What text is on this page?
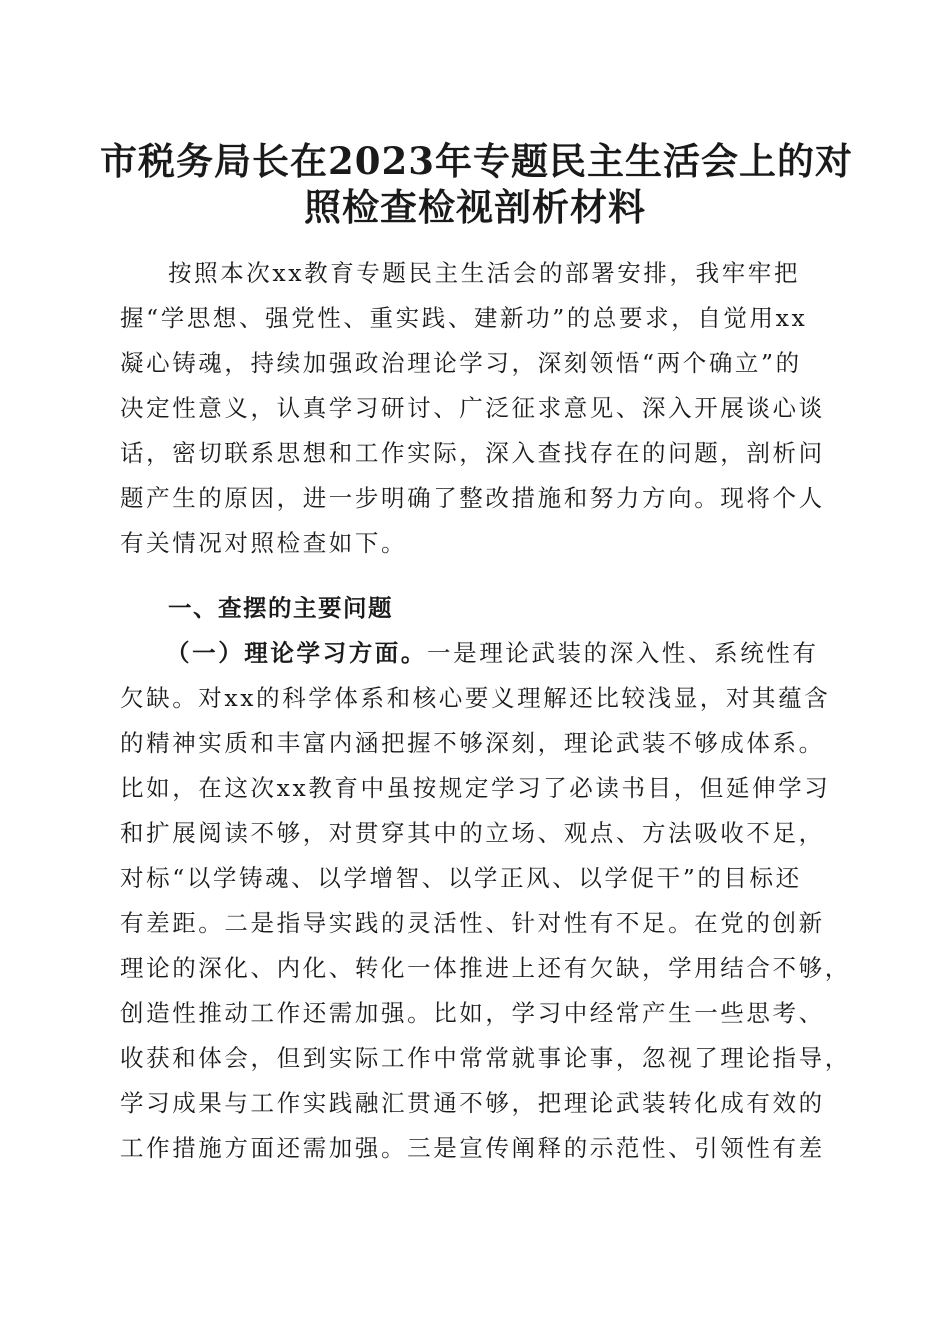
市税务局长在2023年专题民主生活会上的对
照检查检视剖析材料
按照本次xx教育专题民主生活会的部署安排，我牢牢把
握“学思想、强党性、重实践、建新功”的总要求，自觉用xx
凝心铸魂，持续加强政治理论学习，深刻领悟“两个确立”的
决定性意义，认真学习研讨、广泛征求意见、深入开展谈心谈
话，密切联系思想和工作实际，深入查找存在的问题，剖析问
题产生的原因，进一步明确了整改措施和努力方向。现将个人
有关情况对照检查如下。
一、查摆的主要问题
（一）理论学习方面。一是理论武装的深入性、系统性有
欠缺。对xx的科学体系和核心要义理解还比较浅显，对其蕴含
的精神实质和丰富内涵把握不够深刻，理论武装不够成体系。
比如，在这次xx教育中虽按规定学习了必读书目，但延伸学习
和扩展阅读不够，对贯穿其中的立场、观点、方法吸收不足，
对标“以学铸魂、以学增智、以学正风、以学促干”的目标还
有差距。二是指导实践的灵活性、针对性有不足。在党的创新
理论的深化、内化、转化一体推进上还有欠缺，学用结合不够，
创造性推动工作还需加强。比如，学习中经常产生一些思考、
收获和体会，但到实际工作中常常就事论事，忽视了理论指导，
学习成果与工作实践融汇贯通不够，把理论武装转化成有效的
工作措施方面还需加强。三是宣传阐释的示范性、引领性有差
